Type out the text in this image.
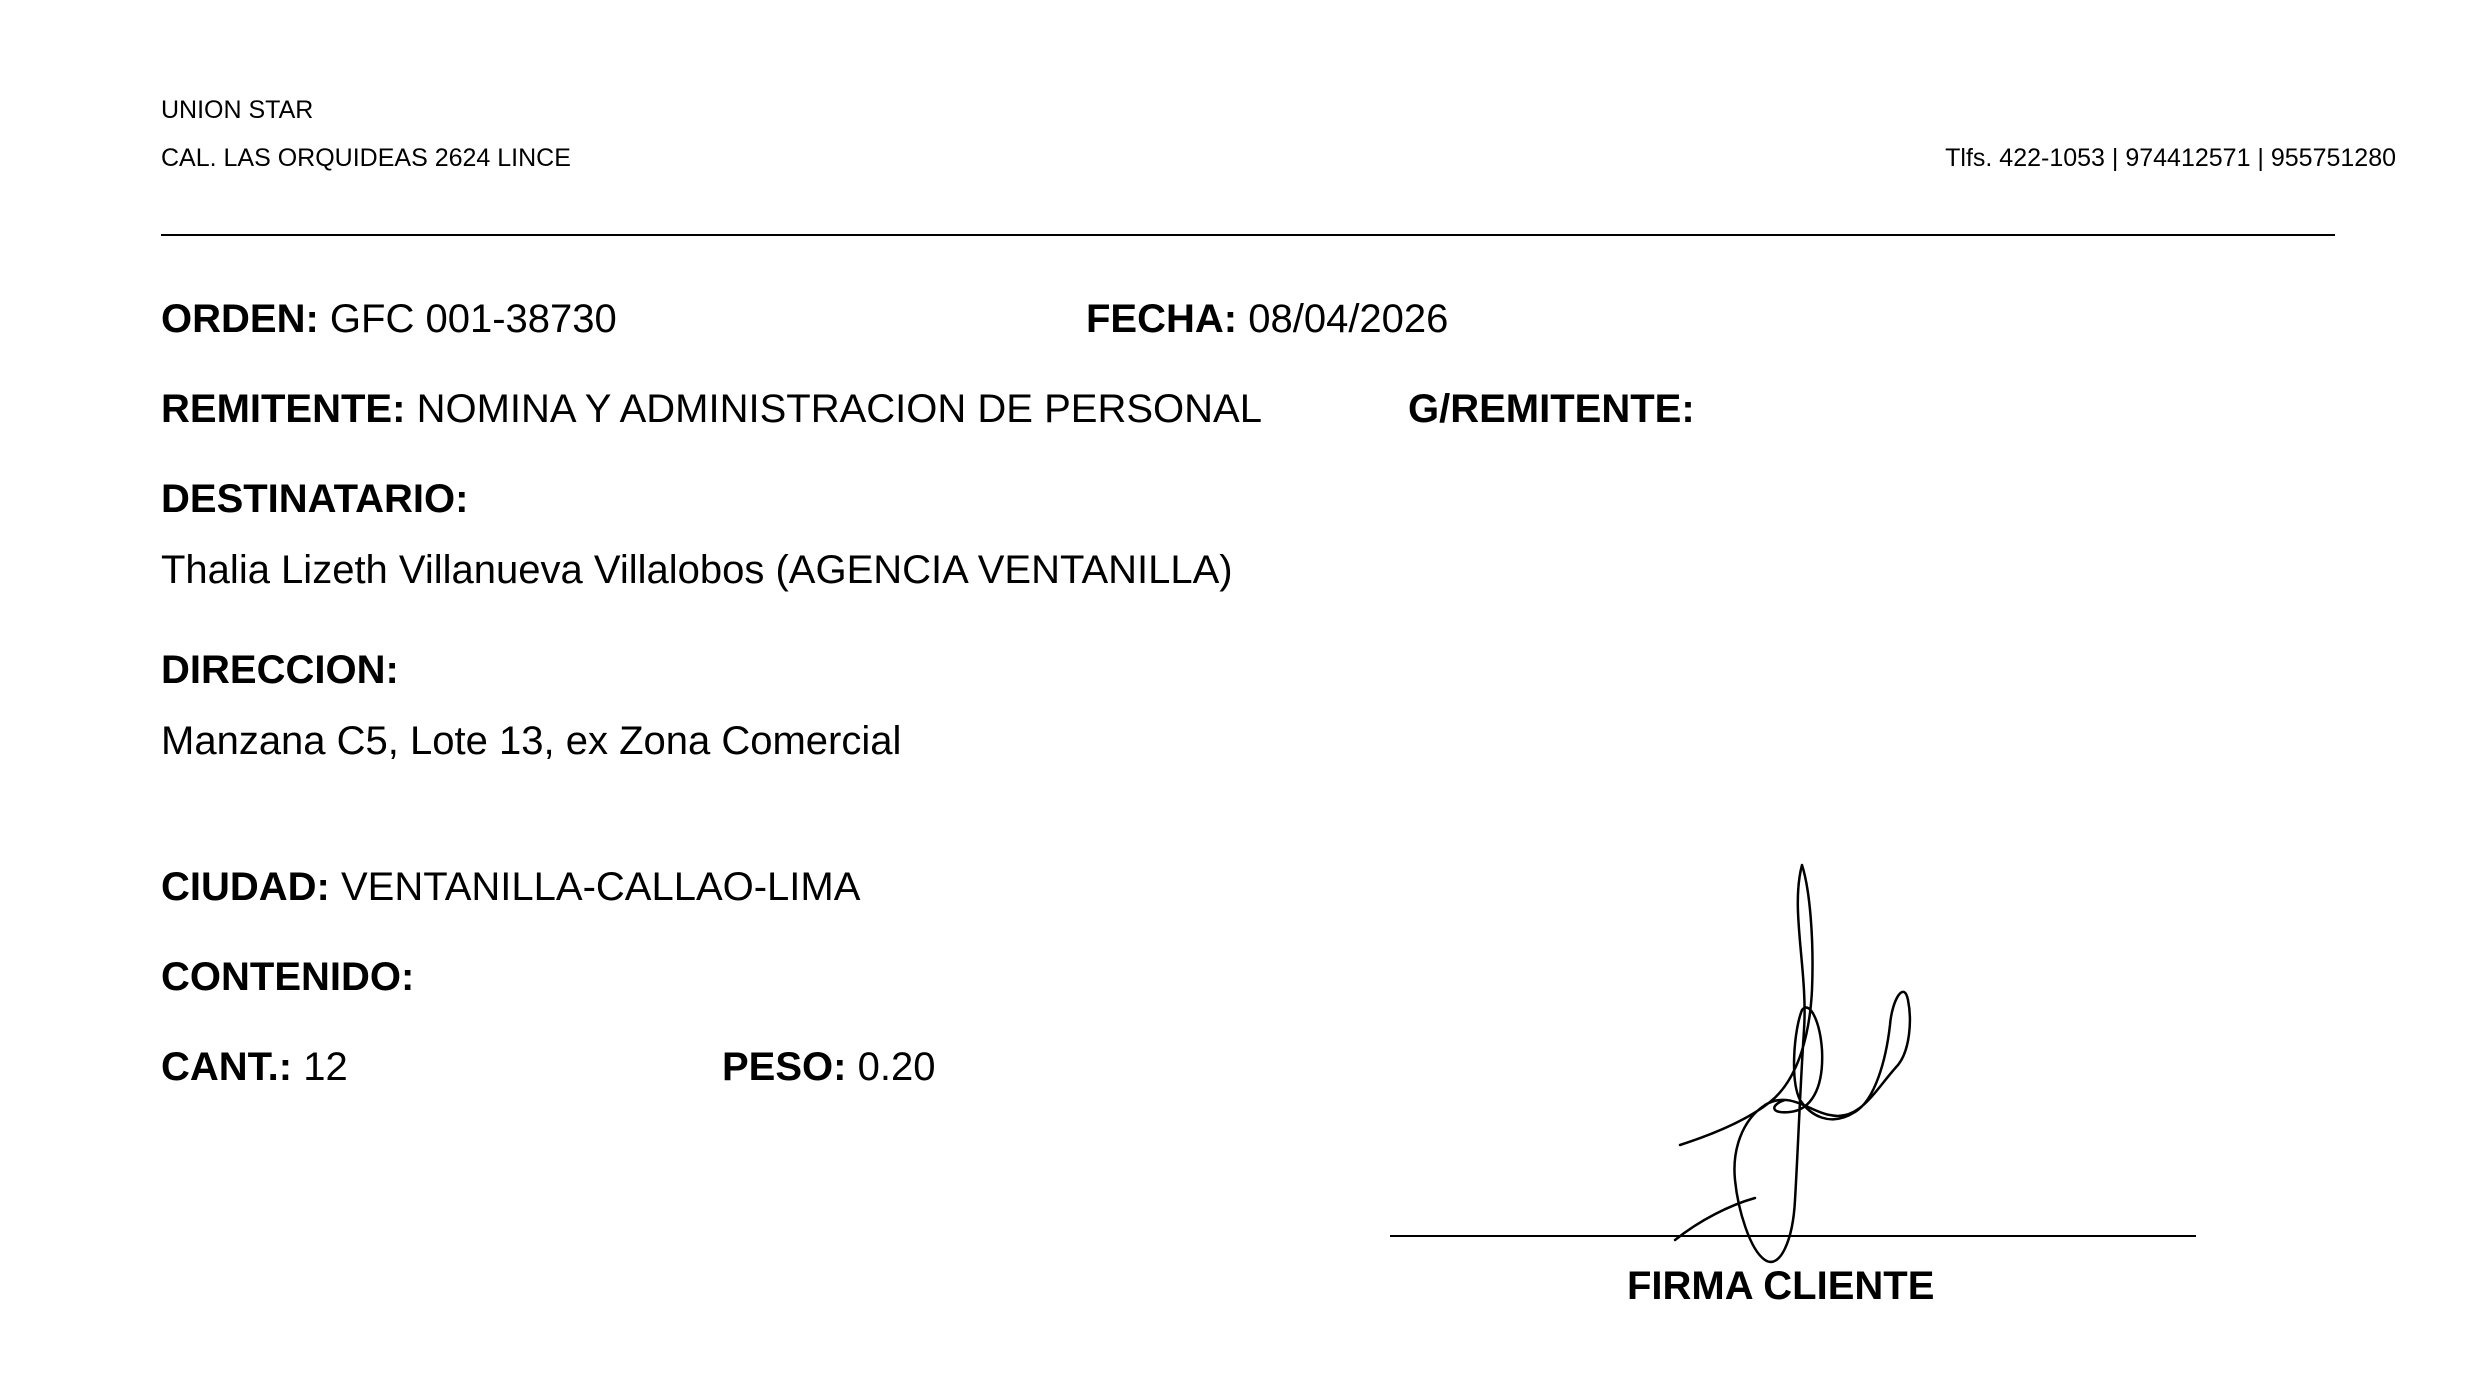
UNION STAR
CAL. LAS ORQUIDEAS 2624 LINCE	Tlfs. 422-1053 | 974412571 | 955751280
ORDEN: GFC 001-38730	FECHA: 08/04/2026
REMITENTE: NOMINA Y ADMINISTRACION DE PERSONAL	G/REMITENTE:
DESTINATARIO:
Thalia Lizeth Villanueva Villalobos (AGENCIA VENTANILLA)
DIRECCION:
Manzana C5, Lote 13, ex Zona Comercial
CIUDAD: VENTANILLA-CALLAO-LIMA
CONTENIDO:
CANT.: 12	PESO: 0.20
FIRMA CLIENTE
